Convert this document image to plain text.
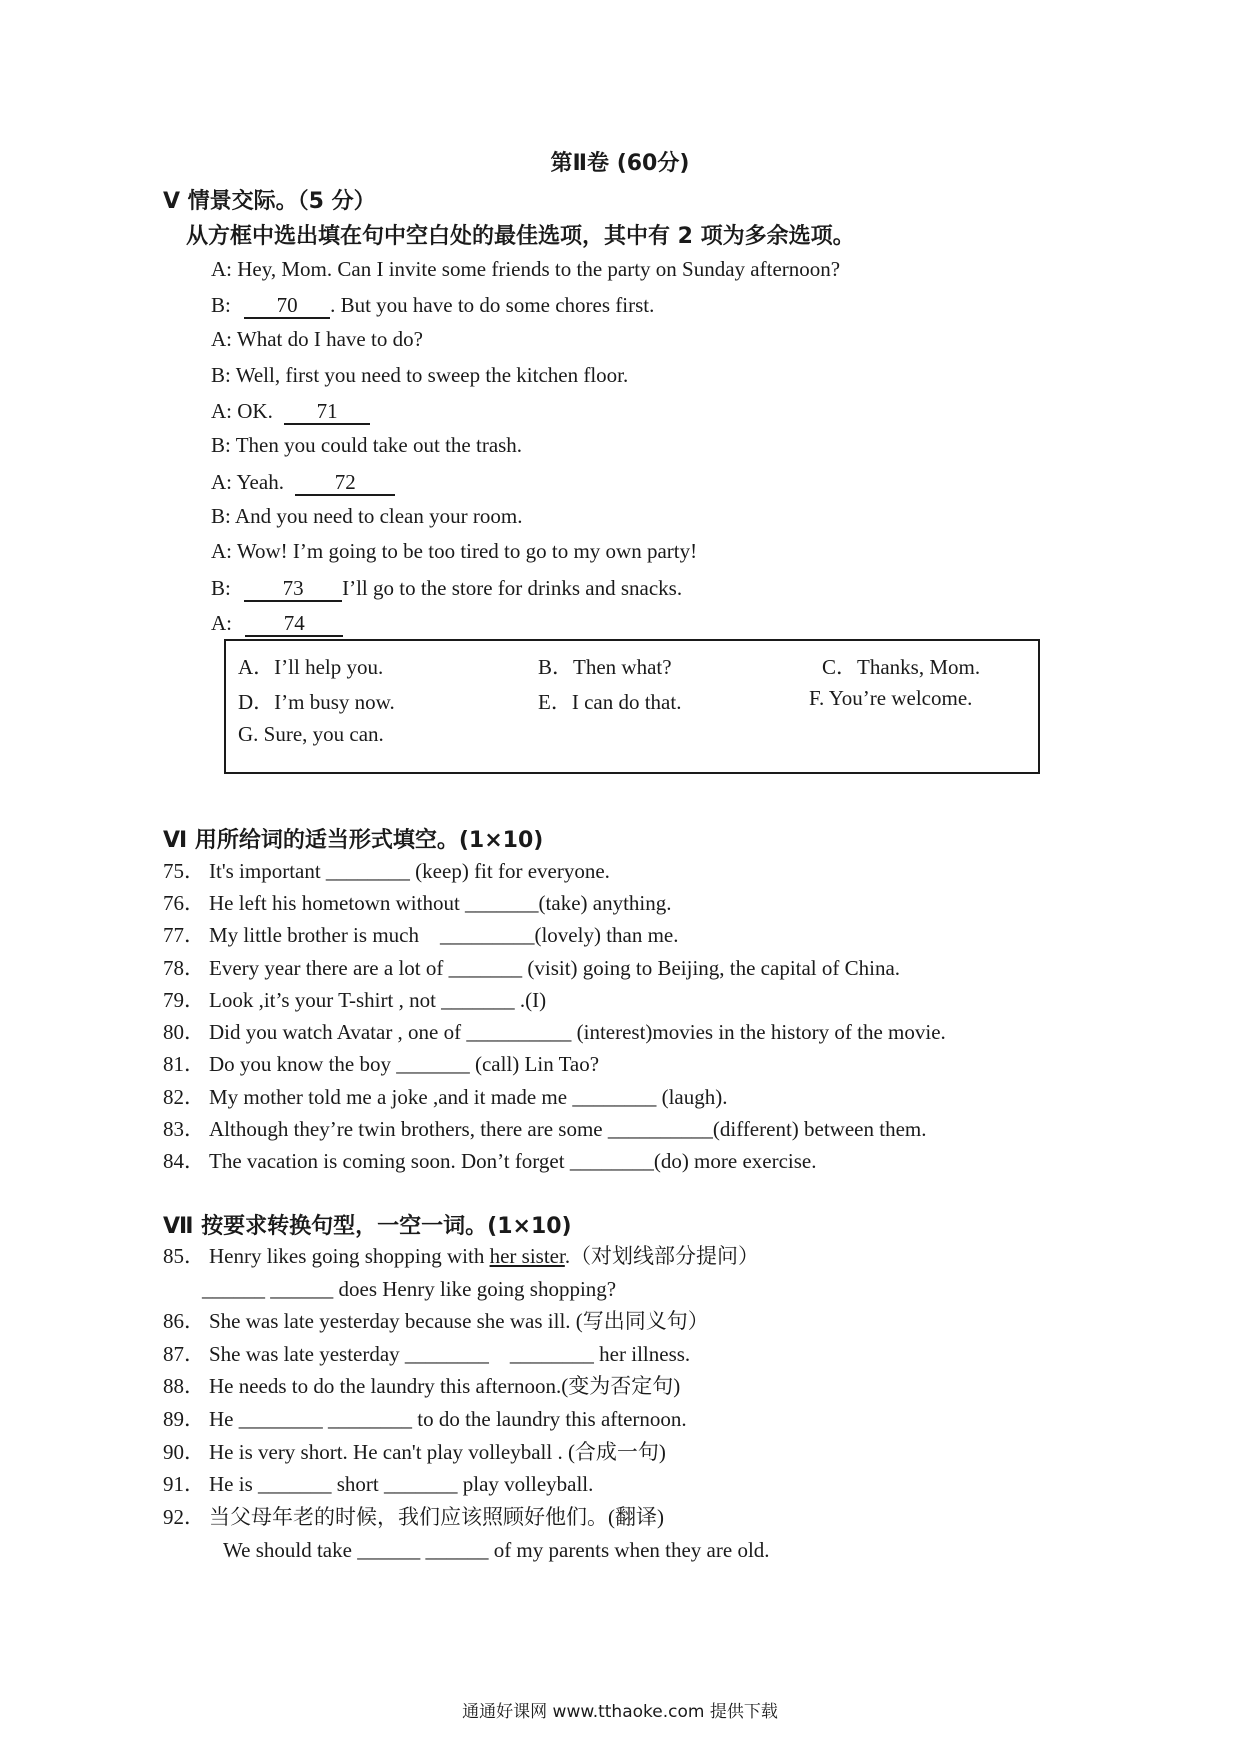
第Ⅱ卷 (60分)
V 情景交际。（5 分）
从方框中选出填在句中空白处的最佳选项，其中有 2 项为多余选项。
A: Hey, Mom. Can I invite some friends to the party on Sunday afternoon?
B: 70 . But you have to do some chores first.
A: What do I have to do?
B: Well, first you need to sweep the kitchen floor.
A: OK. 71
B: Then you could take out the trash.
A: Yeah. 72
B: And you need to clean your room.
A: Wow! I’m going to be too tired to go to my own party!
B: 73 I’ll go to the store for drinks and snacks.
A: 74
A．I’ll help you.	B．Then what?	C．Thanks, Mom.
D．I’m busy now.	E．I can do that.	F. You’re welcome.
G. Sure, you can.
Ⅵ 用所给词的适当形式填空。(1×10)
75． It's important ________ (keep) fit for everyone.
76． He left his hometown without _______(take) anything.
77． My little brother is much    _________(lovely) than me.
78． Every year there are a lot of _______ (visit) going to Beijing, the capital of China.
79． Look ,it’s your T-shirt , not _______ .(I)
80． Did you watch Avatar , one of __________ (interest)movies in the history of the movie.
81． Do you know the boy _______ (call) Lin Tao?
82． My mother told me a joke ,and it made me ________ (laugh).
83． Although they’re twin brothers, there are some __________(different) between them.
84． The vacation is coming soon. Don’t forget ________(do) more exercise.
Ⅶ 按要求转换句型，一空一词。(1×10)
85． Henry likes going shopping with her sister.（对划线部分提问）
______ ______ does Henry like going shopping?
86． She was late yesterday because she was ill. (写出同义句）
87． She was late yesterday ________    ________ her illness.
88． He needs to do the laundry this afternoon.(变为否定句)
89． He ________ ________ to do the laundry this afternoon.
90． He is very short. He can't play volleyball . (合成一句)
91． He is _______ short _______ play volleyball.
92． 当父母年老的时候，我们应该照顾好他们。(翻译)
We should take ______ ______ of my parents when they are old.
通通好课网 www.tthaoke.com 提供下载
